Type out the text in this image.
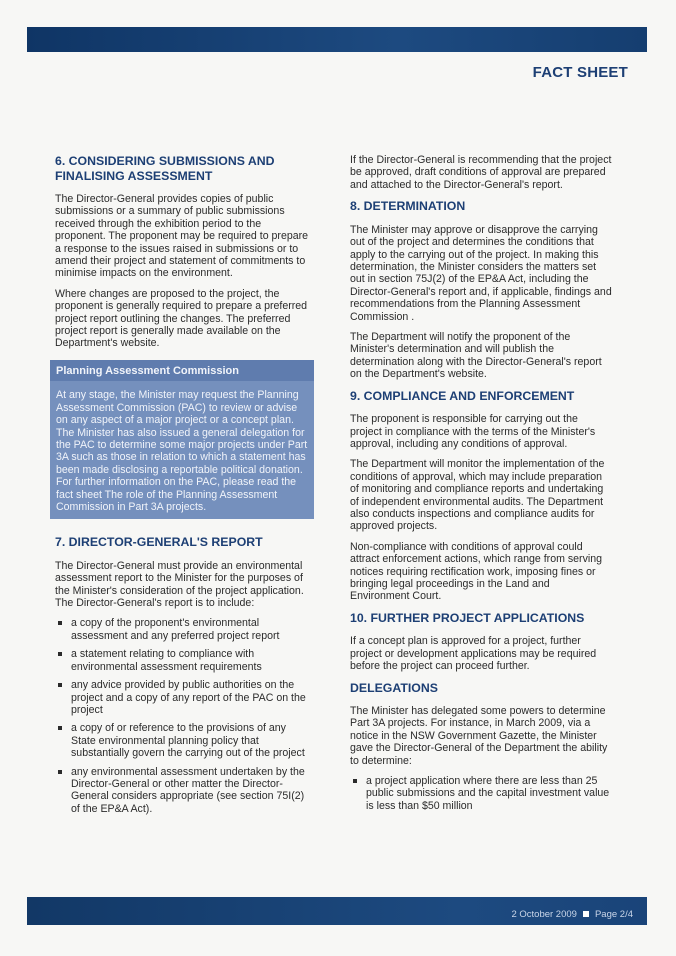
FACT SHEET
6. CONSIDERING SUBMISSIONS AND FINALISING ASSESSMENT

The Director-General provides copies of public submissions or a summary of public submissions received through the exhibition period to the proponent. The proponent may be required to prepare a response to the issues raised in submissions or to amend their project and statement of commitments to minimise impacts on the environment.

Where changes are proposed to the project, the proponent is generally required to prepare a preferred project report outlining the changes. The preferred project report is generally made available on the Department's website.

Planning Assessment Commission
At any stage, the Minister may request the Planning Assessment Commission (PAC) to review or advise on any aspect of a major project or a concept plan. The Minister has also issued a general delegation for the PAC to determine some major projects under Part 3A such as those in relation to which a statement has been made disclosing a reportable political donation. For further information on the PAC, please read the fact sheet The role of the Planning Assessment Commission in Part 3A projects.
7. DIRECTOR-GENERAL'S REPORT

The Director-General must provide an environmental assessment report to the Minister for the purposes of the Minister's consideration of the project application. The Director-General's report is to include:

a copy of the proponent's environmental assessment and any preferred project report
a statement relating to compliance with environmental assessment requirements
any advice provided by public authorities on the project and a copy of any report of the PAC on the project
a copy of or reference to the provisions of any State environmental planning policy that substantially govern the carrying out of the project
any environmental assessment undertaken by the Director-General or other matter the Director-General considers appropriate (see section 75I(2) of the EP&A Act).

If the Director-General is recommending that the project be approved, draft conditions of approval are prepared and attached to the Director-General's report.

8. DETERMINATION

The Minister may approve or disapprove the carrying out of the project and determines the conditions that apply to the carrying out of the project. In making this determination, the Minister considers the matters set out in section 75J(2) of the EP&A Act, including the Director-General's report and, if applicable, findings and recommendations from the Planning Assessment Commission .

The Department will notify the proponent of the Minister's determination and will publish the determination along with the Director-General's report on the Department's website.

9. COMPLIANCE AND ENFORCEMENT

The proponent is responsible for carrying out the project in compliance with the terms of the Minister's approval, including any conditions of approval.

The Department will monitor the implementation of the conditions of approval, which may include preparation of monitoring and compliance reports and undertaking of independent environmental audits. The Department also conducts inspections and compliance audits for approved projects.

Non-compliance with conditions of approval could attract enforcement actions, which range from serving notices requiring rectification work, imposing fines or bringing legal proceedings in the Land and Environment Court.

10. FURTHER PROJECT APPLICATIONS

If a concept plan is approved for a project, further project or development applications may be required before the project can proceed further.

DELEGATIONS

The Minister has delegated some powers to determine Part 3A projects. For instance, in March 2009, via a notice in the NSW Government Gazette, the Minister gave the Director-General of the Department the ability to determine:

a project application where there are less than 25 public submissions and the capital investment value is less than $50 million
2 October 2009 Page 2/4
